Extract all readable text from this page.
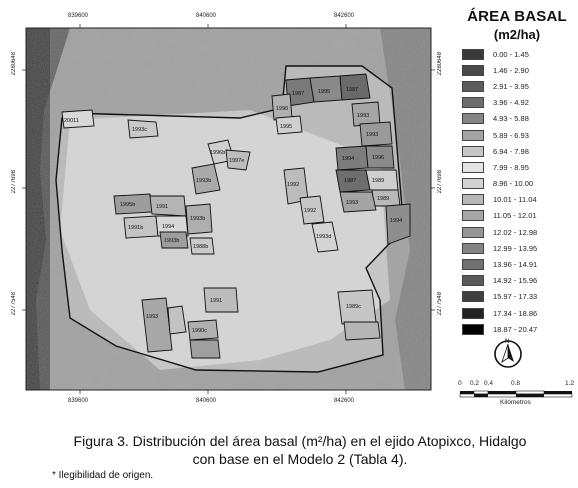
20011
1993c
1987	1995	1987
1990
1995
1993
1993
1996b
1997e
1993b
1994	1996
1987	1989
1989
1993
1994
1992
1992
1993d
1995b	1991
1991b	1994
1993b
1993b
1988b
1991
1993
1990c
1989c
N
839600	840600	842600
839600	840600	842600
2280648
2277698
2277548
2280648
2277698
2277548
ÁREA BASAL
(m2/ha)
0.00 - 1.45
1.46 - 2.90
2.91 - 3.95
3.96 - 4.92
4.93 - 5.88
5.89 - 6.93
6.94 - 7.98
7.99 - 8.95
8.96 - 10.00
10.01 - 11.04
11.05 - 12.01
12.02 - 12.98
12.99 - 13.95
13.96 - 14.91
14.92 - 15.96
15.97 - 17.33
17.34 - 18.86
18.87 - 20.47
0 0.2 0.4	0.8	1.2
Kilómetros
Figura 3. Distribución del área basal (m²/ha) en el ejido Atopixco, Hidalgo
con base en el Modelo 2 (Tabla 4).
* Ilegibilidad de origen.
